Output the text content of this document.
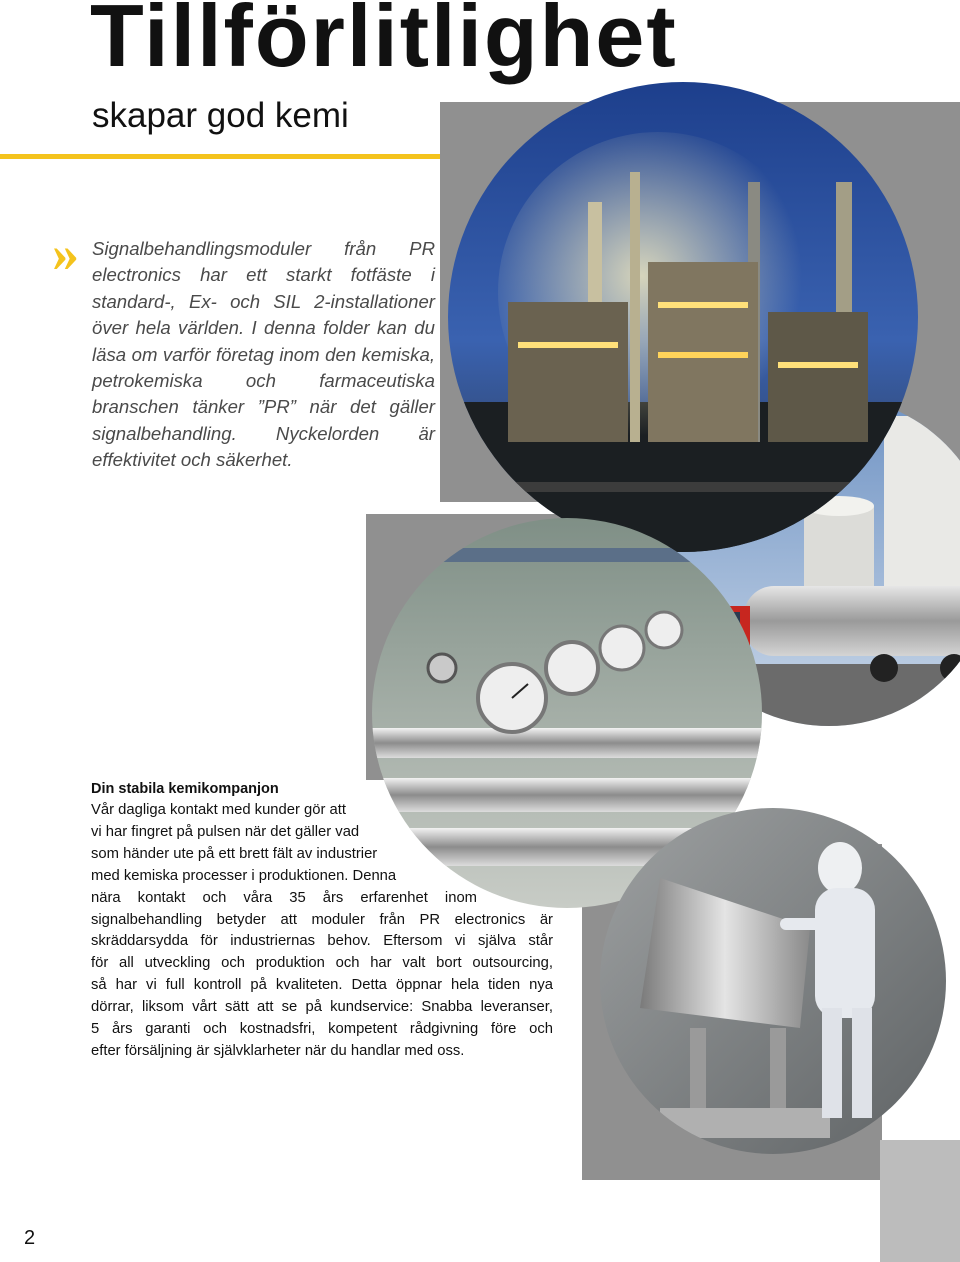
Tillförlitlighet
skapar god kemi
» Signalbehandlingsmoduler från PR electronics har ett starkt fotfäste i standard-, Ex- och SIL 2-installationer över hela världen. I denna folder kan du läsa om varför företag inom den kemiska, petrokemiska och farmaceutiska branschen tänker ”PR” när det gäller signalbehandling. Nyckelorden är effektivitet och säkerhet.

Din stabila kemikompanjon
Vår dagliga kontakt med kunder gör att
vi har fingret på pulsen när det gäller vad
som händer ute på ett brett fält av industrier
med kemiska processer i produktionen. Denna
nära kontakt och våra 35 års erfarenhet inom
signalbehandling betyder att moduler från PR electronics är
skräddarsydda för industriernas behov. Eftersom vi själva står
för all utveckling och produktion och har valt bort outsourcing,
så har vi full kontroll på kvaliteten. Detta öppnar hela tiden nya
dörrar, liksom vårt sätt att se på kundservice: Snabba leveranser,
5 års garanti och kostnadsfri, kompetent rådgivning före och
efter försäljning är självklarheter när du handlar med oss.
2
